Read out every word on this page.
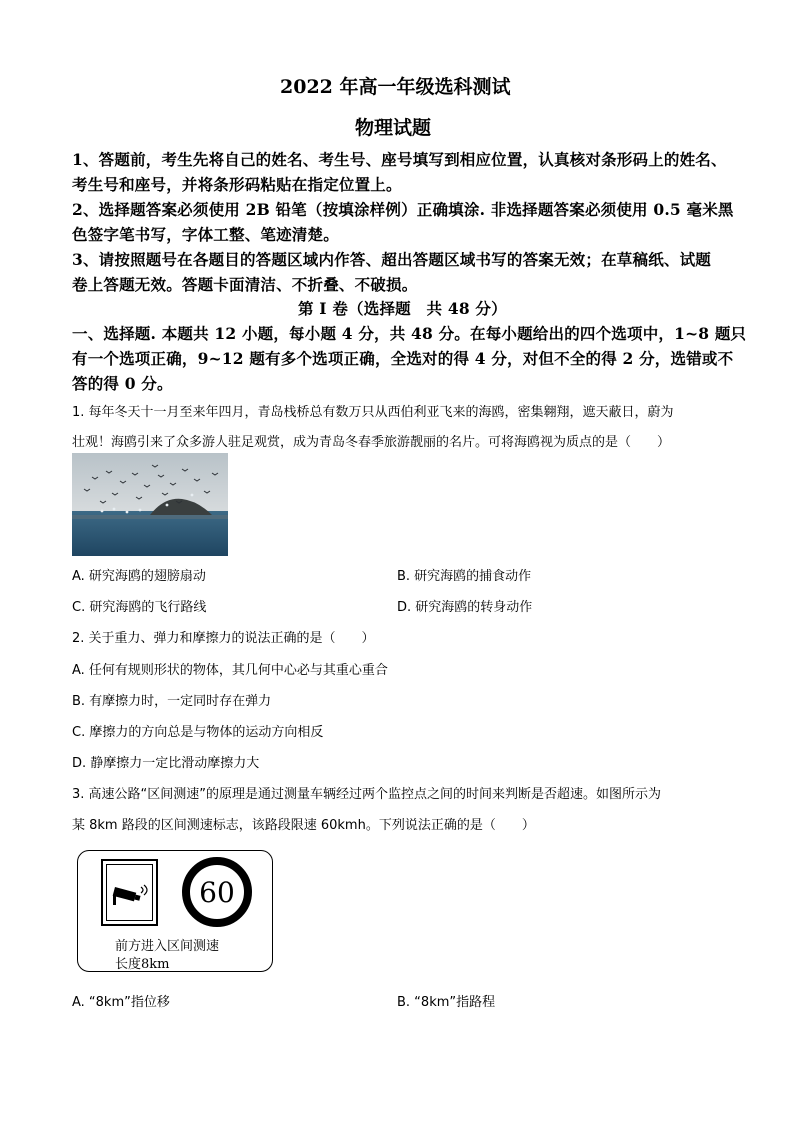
2022 年高一年级选科测试
物理试题
1、答题前，考生先将自己的姓名、考生号、座号填写到相应位置，认真核对条形码上的姓名、
考生号和座号，并将条形码粘贴在指定位置上。
2、选择题答案必须使用 2B 铅笔（按填涂样例）正确填涂. 非选择题答案必须使用 0.5 毫米黑
色签字笔书写，字体工整、笔迹清楚。
3、请按照题号在各题目的答题区域内作答、超出答题区域书写的答案无效；在草稿纸、试题
卷上答题无效。答题卡面清洁、不折叠、不破损。
第 I 卷（选择题　共 48 分）
一、选择题. 本题共 12 小题，每小题 4 分，共 48 分。在每小题给出的四个选项中，1~8 题只
有一个选项正确，9~12 题有多个选项正确，全选对的得 4 分，对但不全的得 2 分，选错或不
答的得 0 分。
1. 每年冬天十一月至来年四月，青岛栈桥总有数万只从西伯利亚飞来的海鸥，密集翱翔，遮天蔽日，蔚为
壮观！海鸥引来了众多游人驻足观赏，成为青岛冬春季旅游靓丽的名片。可将海鸥视为质点的是（　　）
A. 研究海鸥的翅膀扇动	B. 研究海鸥的捕食动作
C. 研究海鸥的飞行路线	D. 研究海鸥的转身动作
2. 关于重力、弹力和摩擦力的说法正确的是（　　）
A. 任何有规则形状的物体，其几何中心必与其重心重合
B. 有摩擦力时，一定同时存在弹力
C. 摩擦力的方向总是与物体的运动方向相反
D. 静摩擦力一定比滑动摩擦力大
3. 高速公路“区间测速”的原理是通过测量车辆经过两个监控点之间的时间来判断是否超速。如图所示为
某 8km 路段的区间测速标志，该路段限速 60kmh。下列说法正确的是（　　）
60
前方进入区间测速
长度8km
A. “8km”指位移	B. “8km”指路程
